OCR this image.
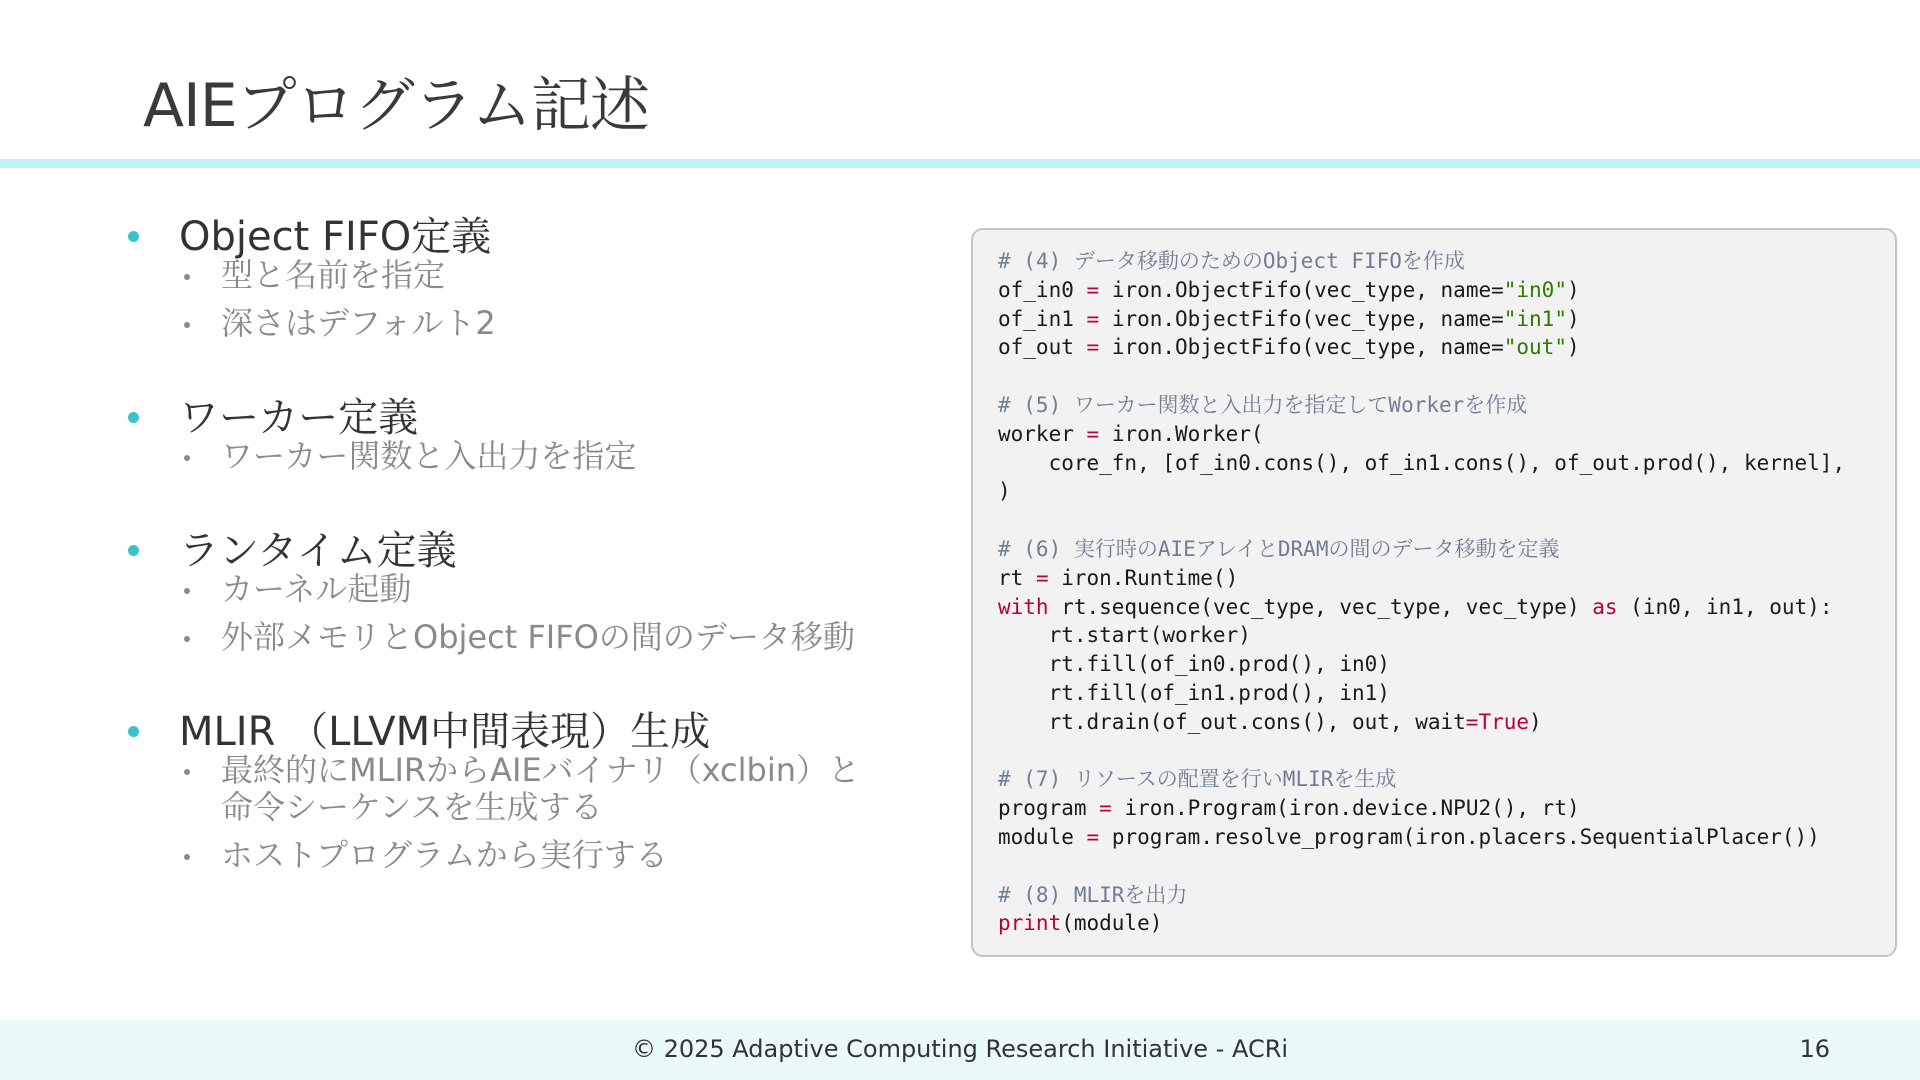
AIEプログラム記述
Object FIFO定義
型と名前を指定
深さはデフォルト2
ワーカー定義
ワーカー関数と入出力を指定
ランタイム定義
カーネル起動
外部メモリとObject FIFOの間のデータ移動
MLIR （LLVM中間表現）生成
最終的にMLIRからAIEバイナリ（xclbin）と命令シーケンスを生成する
ホストプログラムから実行する
# (4) データ移動のためのObject FIFOを作成
of_in0 = iron.ObjectFifo(vec_type, name="in0")
of_in1 = iron.ObjectFifo(vec_type, name="in1")
of_out = iron.ObjectFifo(vec_type, name="out")
# (5) ワーカー関数と入出力を指定してWorkerを作成
worker = iron.Worker(
core_fn, [of_in0.cons(), of_in1.cons(), of_out.prod(), kernel],
)
# (6) 実行時のAIEアレイとDRAMの間のデータ移動を定義
rt = iron.Runtime()
with rt.sequence(vec_type, vec_type, vec_type) as (in0, in1, out):
rt.start(worker)
rt.fill(of_in0.prod(), in0)
rt.fill(of_in1.prod(), in1)
rt.drain(of_out.cons(), out, wait=True)
# (7) リソースの配置を行いMLIRを生成
program = iron.Program(iron.device.NPU2(), rt)
module = program.resolve_program(iron.placers.SequentialPlacer())
# (8) MLIRを出力
print(module)
© 2025 Adaptive Computing Research Initiative - ACRi	16
